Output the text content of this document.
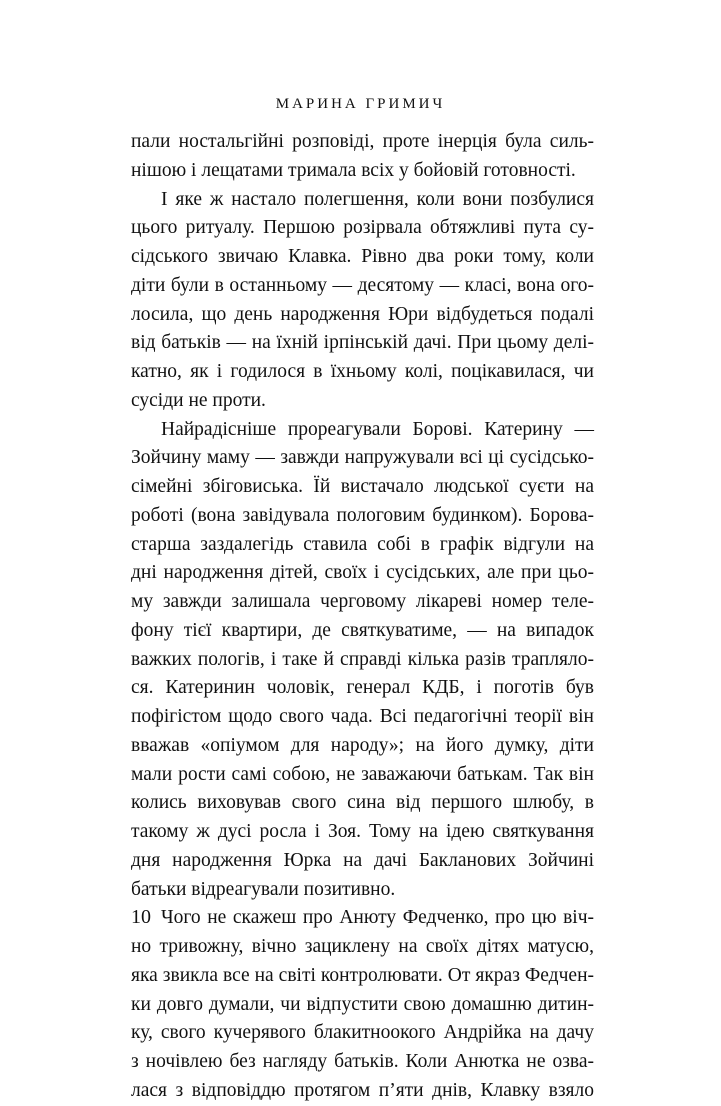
МАРИНА ГРИМИЧ
пали ностальгійні розповіді, проте інерція була силь-
нішою і лещатами тримала всіх у бойовій готовності.
І яке ж настало полегшення, коли вони позбулися
цього ритуалу. Першою розірвала обтяжливі пута су-
сідського звичаю Клавка. Рівно два роки тому, коли
діти були в останньому — десятому — класі, вона ого-
лосила, що день народження Юри відбудеться подалі
від батьків — на їхній ірпінській дачі. При цьому делі-
катно, як і годилося в їхньому колі, поцікавилася, чи
сусіди не проти.
Найрадісніше прореагували Борові. Катерину —
Зойчину маму — завжди напружували всі ці сусідсько-
сімейні збіговиська. Їй вистачало людської суєти на
роботі (вона завідувала пологовим будинком). Борова-
старша заздалегідь ставила собі в графік відгули на
дні народження дітей, своїх і сусідських, але при цьо-
му завжди залишала черговому лікареві номер теле-
фону тієї квартири, де святкуватиме, — на випадок
важких пологів, і таке й справді кілька разів трапляло-
ся. Катеринин чоловік, генерал КДБ, і поготів був
пофігістом щодо свого чада. Всі педагогічні теорії він
вважав «опіумом для народу»; на його думку, діти
мали рости самі собою, не заважаючи батькам. Так він
колись виховував свого сина від першого шлюбу, в
такому ж дусі росла і Зоя. Тому на ідею святкування
дня народження Юрка на дачі Бакланових Зойчині
батьки відреагували позитивно.
Чого не скажеш про Анюту Федченко, про цю віч-
но тривожну, вічно зациклену на своїх дітях матусю,
яка звикла все на світі контролювати. От якраз Федчен-
ки довго думали, чи відпустити свою домашню дитин-
ку, свого кучерявого блакитноокого Андрійка на дачу
з ночівлею без нагляду батьків. Коли Анютка не озва-
лася з відповіддю протягом п’яти днів, Клавку взяло
10
